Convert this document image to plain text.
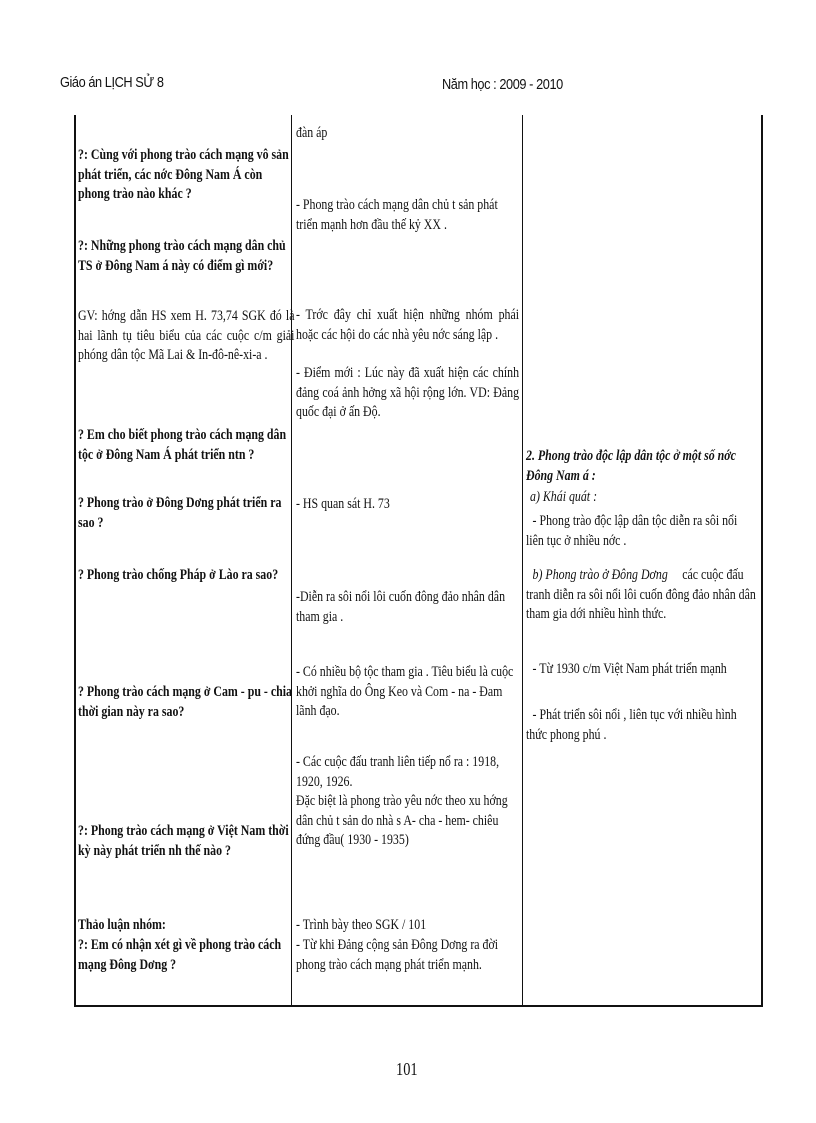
Giáo án LỊCH SỬ 8	Năm học : 2009 - 2010
?: Cùng với phong trào cách mạng vô sản phát triển, các nớc Đông Nam Á còn phong trào nào khác ?
?: Những phong trào cách mạng dân chủ TS ở Đông Nam á này có điểm gì mới?
GV: hớng dẫn HS xem H. 73,74 SGK đó là hai lãnh tụ tiêu biểu của các cuộc c/m giải phóng dân tộc Mã Lai & In-đô-nê-xi-a .
? Em cho biết phong trào cách mạng dân tộc ở Đông Nam Á phát triển ntn ?
? Phong trào ở Đông Dơng phát triển ra sao ?
? Phong trào chống Pháp ở Lào ra sao?
? Phong trào cách mạng ở Cam - pu - chia thời gian này ra sao?
?: Phong trào cách mạng ở Việt Nam thời kỳ này phát triển nh thế nào ?
Thảo luận nhóm:
?: Em có nhận xét gì về phong trào cách mạng Đông Dơng ?
đàn áp
- Phong trào cách mạng dân chủ t sản phát triển mạnh hơn đầu thế kỷ XX .
- Trớc đây chỉ xuất hiện những nhóm phái hoặc các hội do các nhà yêu nớc sáng lập .
- Điểm mới : Lúc này đã xuất hiện các chính đảng coá ảnh hởng xã hội rộng lớn. VD: Đảng quốc đại ở ấn Độ.
- HS quan sát H. 73
-Diễn ra sôi nổi lôi cuốn đông đảo nhân dân tham gia .
- Có nhiều bộ tộc tham gia . Tiêu biểu là cuộc khởi nghĩa do Ông Keo và Com - na - Đam lãnh đạo.
- Các cuộc đấu tranh liên tiếp nổ ra : 1918, 1920, 1926.
Đặc biệt là phong trào yêu nớc theo xu hớng dân chủ t sản do nhà s A- cha - hem- chiêu đứng đầu( 1930 - 1935)
- Trình bày theo SGK / 101
- Từ khi Đảng cộng sản Đông Dơng ra đời phong trào cách mạng phát triển mạnh.
2. Phong trào độc lập dân tộc ở một số nớc Đông Nam á :
a) Khái quát :
- Phong trào độc lập dân tộc diễn ra sôi nổi liên tục ở nhiều nớc .
b) Phong trào ở Đông Dơng các cuộc đấu tranh diễn ra sôi nổi lôi cuốn đông đảo nhân dân tham gia dới nhiều hình thức.
- Từ 1930 c/m Việt Nam phát triển mạnh
- Phát triển sôi nổi , liên tục với nhiều hình thức phong phú .
101
